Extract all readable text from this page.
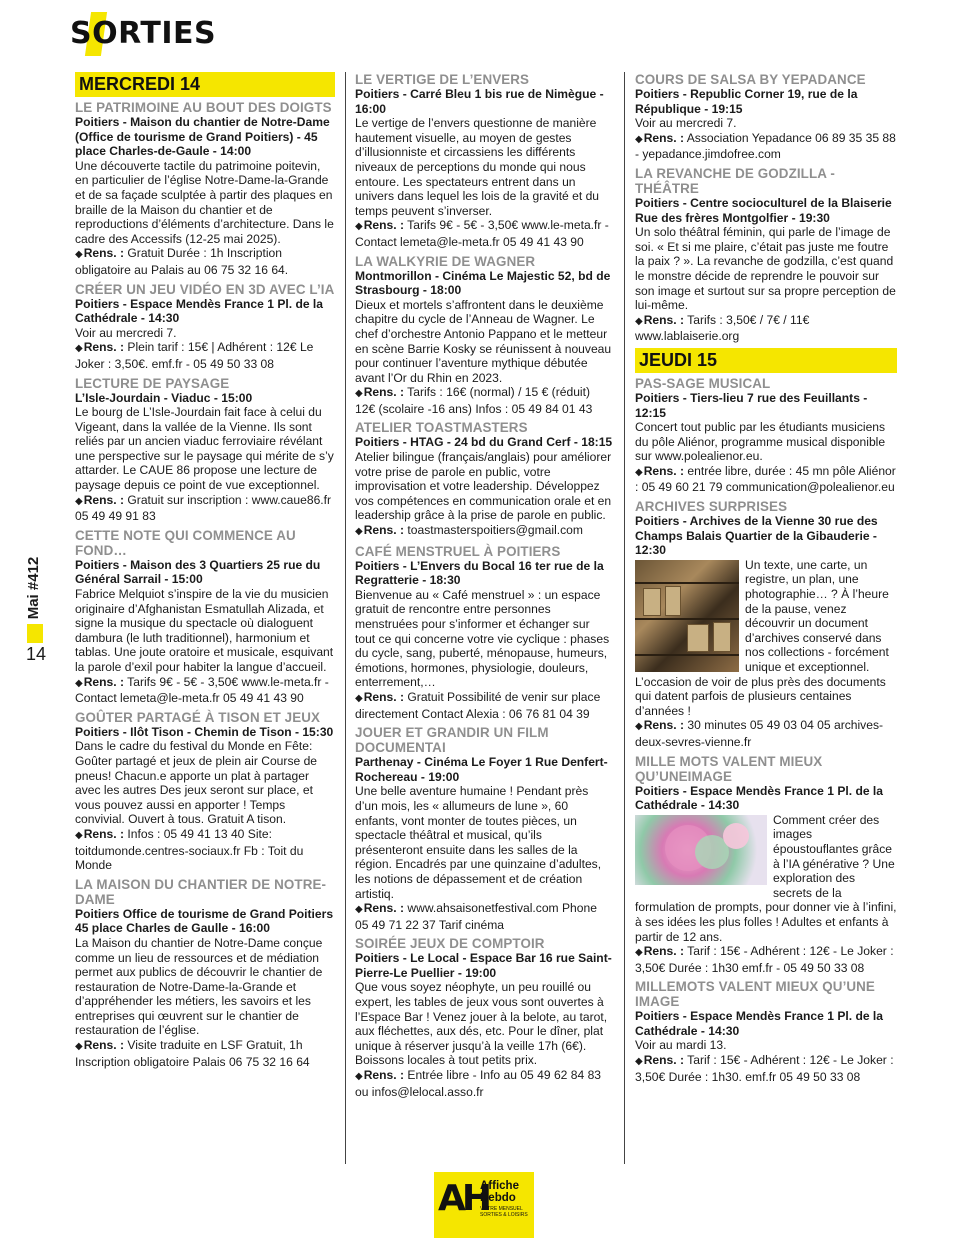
SORTIES
Mai #412
14
MERCREDI 14
LE PATRIMOINE AU BOUT DES DOIGTS
Poitiers - Maison du chantier de Notre-Dame (Office de tourisme de Grand Poitiers) - 45 place Charles-de-Gaule - 14:00
Une découverte tactile du patrimoine poitevin, en particulier de l’église Notre-Dame-la-Grande et de sa façade sculptée à partir des plaques en braille de la Maison du chantier et de reproductions d’éléments d’architecture. Dans le cadre des Accessifs (12-25 mai 2025).
◆ Rens. : Gratuit Durée : 1h Inscription obligatoire au Palais au 06 75 32 16 64.
CRÉER UN JEU VIDÉO EN 3D AVEC L’IA
Poitiers - Espace Mendès France 1 Pl. de la Cathédrale - 14:30
Voir au mercredi 7.
◆ Rens. : Plein tarif : 15€ | Adhérent : 12€ Le Joker : 3,50€. emf.fr - 05 49 50 33 08
LECTURE DE PAYSAGE
L’Isle-Jourdain - Viaduc - 15:00
Le bourg de L’Isle-Jourdain fait face à celui du Vigeant, dans la vallée de la Vienne. Ils sont reliés par un ancien viaduc ferroviaire révélant une perspective sur le paysage qui mérite de s’y attarder. Le CAUE 86 propose une lecture de paysage depuis ce point de vue exceptionnel.
◆ Rens. : Gratuit sur inscription : www.caue86.fr 05 49 49 91 83
CETTE NOTE QUI COMMENCE AU FOND…
Poitiers - Maison des 3 Quartiers 25 rue du Général Sarrail - 15:00
Fabrice Melquiot s’inspire de la vie du musicien originaire d’Afghanistan Esmatullah Alizada, et signe la musique du spectacle où dialoguent dambura (le luth traditionnel), harmonium et tablas. Une joute oratoire et musicale, esquivant la parole d’exil pour habiter la langue d’accueil.
◆ Rens. : Tarifs 9€ - 5€ - 3,50€ www.le-meta.fr - Contact lemeta@le-meta.fr 05 49 41 43 90
GOÛTER PARTAGÉ À TISON ET JEUX
Poitiers - Ilôt Tison - Chemin de Tison - 15:30
Dans le cadre du festival du Monde en Fête: Goûter partagé et jeux de plein air Course de pneus! Chacun.e apporte un plat à partager avec les autres Des jeux seront sur place, et vous pouvez aussi en apporter ! Temps convivial. Ouvert à tous. Gratuit A tison.
◆ Rens. : Infos : 05 49 41 13 40 Site: toitdumonde.centres-sociaux.fr Fb : Toit du Monde
LA MAISON DU CHANTIER DE NOTRE-DAME
Poitiers Office de tourisme de Grand Poitiers 45 place Charles de Gaulle - 16:00
La Maison du chantier de Notre-Dame conçue comme un lieu de ressources et de médiation permet aux publics de découvrir le chantier de restauration de Notre-Dame-la-Grande et d’appréhender les métiers, les savoirs et les entreprises qui œuvrent sur le chantier de restauration de l’église.
◆ Rens. : Visite traduite en LSF Gratuit, 1h Inscription obligatoire Palais 06 75 32 16 64
LE VERTIGE DE L’ENVERS
Poitiers - Carré Bleu 1 bis rue de Nimègue - 16:00
Le vertige de l’envers questionne de manière hautement visuelle, au moyen de gestes d’illusionniste et circassiens les différents niveaux de perceptions du monde qui nous entoure. Les spectateurs entrent dans un univers dans lequel les lois de la gravité et du temps peuvent s’inverser.
◆ Rens. : Tarifs 9€ - 5€ - 3,50€ www.le-meta.fr - Contact lemeta@le-meta.fr 05 49 41 43 90
LA WALKYRIE DE WAGNER
Montmorillon - Cinéma Le Majestic 52, bd de Strasbourg - 18:00
Dieux et mortels s’affrontent dans le deuxième chapitre du cycle de l’Anneau de Wagner. Le chef d’orchestre Antonio Pappano et le metteur en scène Barrie Kosky se réunissent à nouveau pour continuer l’aventure mythique débutée avant l’Or du Rhin en 2023.
◆ Rens. : Tarifs : 16€ (normal) / 15 € (réduit) 12€ (scolaire -16 ans) Infos : 05 49 84 01 43
ATELIER TOASTMASTERS
Poitiers - HTAG - 24 bd du Grand Cerf - 18:15
Atelier bilingue (français/anglais) pour améliorer votre prise de parole en public, votre improvisation et votre leadership. Développez vos compétences en communication orale et en leadership grâce à la prise de parole en public.
◆ Rens. : toastmasterspoitiers@gmail.com
CAFÉ MENSTRUEL À POITIERS
Poitiers - L’Envers du Bocal 16 ter rue de la Regratterie - 18:30
Bienvenue au « Café menstruel » : un espace gratuit de rencontre entre personnes menstruées pour s’informer et échanger sur tout ce qui concerne votre vie cyclique : phases du cycle, sang, puberté, ménopause, humeurs, émotions, hormones, physiologie, douleurs, enterrement,…
◆ Rens. : Gratuit Possibilité de venir sur place directement Contact Alexia : 06 76 81 04 39
JOUER ET GRANDIR UN FILM DOCUMENTAI
Parthenay - Cinéma Le Foyer 1 Rue Denfert-Rochereau - 19:00
Une belle aventure humaine ! Pendant près d’un mois, les « allumeurs de lune », 60 enfants, vont monter de toutes pièces, un spectacle théâtral et musical, qu’ils présenteront ensuite dans les salles de la région. Encadrés par une quinzaine d’adultes, les notions de dépassement et de création artistiq.
◆ Rens. : www.ahsaisonetfestival.com Phone 05 49 71 22 37 Tarif cinéma
SOIRÉE JEUX DE COMPTOIR
Poitiers - Le Local - Espace Bar 16 rue Saint-Pierre-Le Puellier - 19:00
Que vous soyez néophyte, un peu rouillé ou expert, les tables de jeux vous sont ouvertes à l’Espace Bar ! Venez jouer à la belote, au tarot, aux fléchettes, aux dés, etc. Pour le dîner, plat unique à réserver jusqu’à la veille 17h (6€). Boissons locales à tout petits prix.
◆ Rens. : Entrée libre - Info au 05 49 62 84 83 ou infos@lelocal.asso.fr
COURS DE SALSA BY YEPADANCE
Poitiers - Republic Corner 19, rue de la République - 19:15
Voir au mercredi 7.
◆ Rens. : Association Yepadance 06 89 35 35 88 - yepadance.jimdofree.com
LA REVANCHE DE GODZILLA - THÉÂTRE
Poitiers - Centre socioculturel de la Blaiserie Rue des frères Montgolfier - 19:30
Un solo théâtral féminin, qui parle de l’image de soi. « Et si me plaire, c’était pas juste me foutre la paix ? ». La revanche de godzilla, c’est quand le monstre décide de reprendre le pouvoir sur son image et surtout sur sa propre perception de lui-même.
◆ Rens. : Tarifs : 3,50€ / 7€ / 11€ www.lablaiserie.org
JEUDI 15
PAS-SAGE MUSICAL
Poitiers - Tiers-lieu 7 rue des Feuillants - 12:15
Concert tout public par les étudiants musiciens du pôle Aliénor, programme musical disponible sur www.polealienor.eu.
◆ Rens. : entrée libre, durée : 45 mn pôle Aliénor : 05 49 60 21 79 communication@polealienor.eu
ARCHIVES SURPRISES
Poitiers - Archives de la Vienne 30 rue des Champs Balais Quartier de la Gibauderie - 12:30
Un texte, une carte, un registre, un plan, une photographie… ? À l’heure de la pause, venez découvrir un document d’archives conservé dans nos collections - forcément unique et exceptionnel. L’occasion de voir de plus près des documents qui datent parfois de plusieurs centaines d’années !
◆ Rens. : 30 minutes 05 49 03 04 05 archives-deux-sevres-vienne.fr
MILLE MOTS VALENT MIEUX QU’UNEIMAGE
Poitiers - Espace Mendès France 1 Pl. de la Cathédrale - 14:30
Comment créer des images époustouflantes grâce à l’IA générative ? Une exploration des secrets de la formulation de prompts, pour donner vie à l’infini, à ses idées les plus folles ! Adultes et enfants à partir de 12 ans.
◆ Rens. : Tarif : 15€ - Adhérent : 12€ - Le Joker : 3,50€ Durée : 1h30 emf.fr - 05 49 50 33 08
MILLEMOTS VALENT MIEUX QU’UNE IMAGE
Poitiers - Espace Mendès France 1 Pl. de la Cathédrale - 14:30
Voir au mardi 13.
◆ Rens. : Tarif : 15€ - Adhérent : 12€ - Le Joker : 3,50€ Durée : 1h30. emf.fr 05 49 50 33 08
AH
Affiche
Hebdo
VOTRE MENSUEL SORTIES & LOISIRS
